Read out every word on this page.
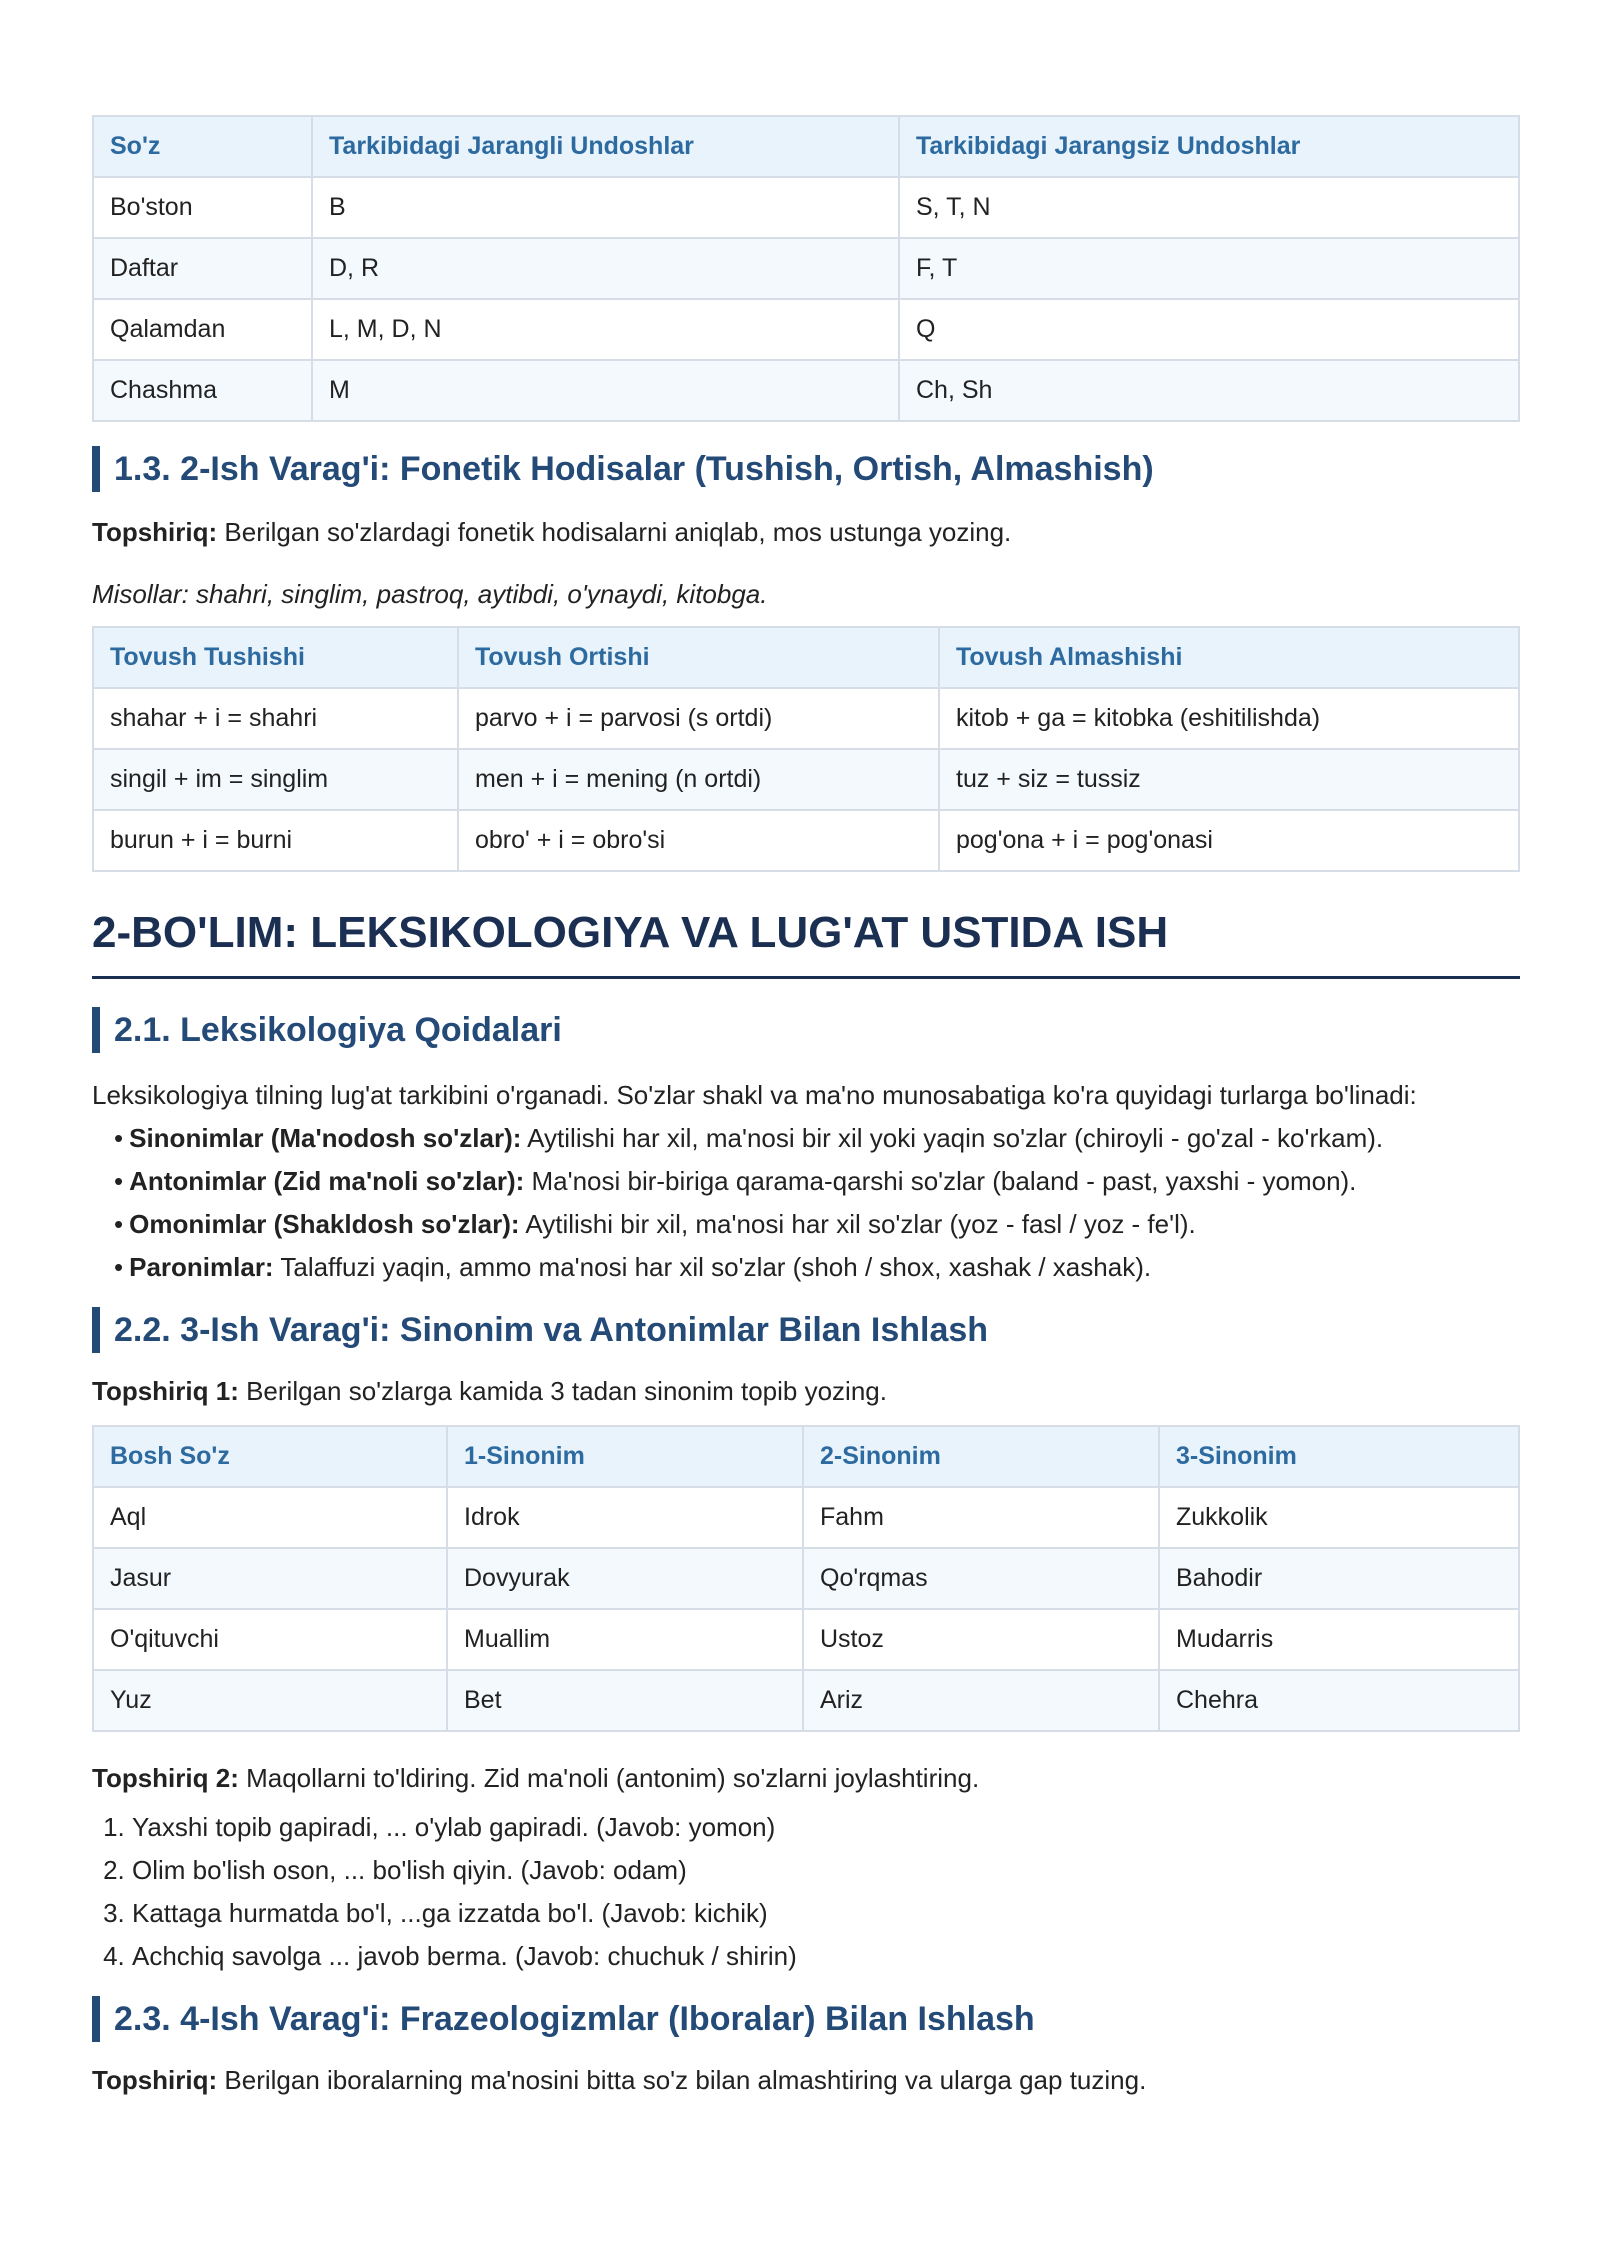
So'z	Tarkibidagi Jarangli Undoshlar	Tarkibidagi Jarangsiz Undoshlar
Bo'ston	B	S, T, N
Daftar	D, R	F, T
Qalamdan	L, M, D, N	Q
Chashma	M	Ch, Sh
1.3. 2-Ish Varag'i: Fonetik Hodisalar (Tushish, Ortish, Almashish)

Topshiriq: Berilgan so'zlardagi fonetik hodisalarni aniqlab, mos ustunga yozing.

Misollar: shahri, singlim, pastroq, aytibdi, o'ynaydi, kitobga.

Tovush Tushishi	Tovush Ortishi	Tovush Almashishi
shahar + i = shahri	parvo + i = parvosi (s ortdi)	kitob + ga = kitobka (eshitilishda)
singil + im = singlim	men + i = mening (n ortdi)	tuz + siz = tussiz
burun + i = burni	obro' + i = obro'si	pog'ona + i = pog'onasi
2-BO'LIM: LEKSIKOLOGIYA VA LUG'AT USTIDA ISH
2.1. Leksikologiya Qoidalari

Leksikologiya tilning lug'at tarkibini o'rganadi. So'zlar shakl va ma'no munosabatiga ko'ra quyidagi turlarga bo'linadi:

• Sinonimlar (Ma'nodosh so'zlar): Aytilishi har xil, ma'nosi bir xil yoki yaqin so'zlar (chiroyli - go'zal - ko'rkam).
• Antonimlar (Zid ma'noli so'zlar): Ma'nosi bir-biriga qarama-qarshi so'zlar (baland - past, yaxshi - yomon).
• Omonimlar (Shakldosh so'zlar): Aytilishi bir xil, ma'nosi har xil so'zlar (yoz - fasl / yoz - fe'l).
• Paronimlar: Talaffuzi yaqin, ammo ma'nosi har xil so'zlar (shoh / shox, xashak / xashak).
2.2. 3-Ish Varag'i: Sinonim va Antonimlar Bilan Ishlash

Topshiriq 1: Berilgan so'zlarga kamida 3 tadan sinonim topib yozing.

Bosh So'z	1-Sinonim	2-Sinonim	3-Sinonim
Aql	Idrok	Fahm	Zukkolik
Jasur	Dovyurak	Qo'rqmas	Bahodir
O'qituvchi	Muallim	Ustoz	Mudarris
Yuz	Bet	Ariz	Chehra

Topshiriq 2: Maqollarni to'ldiring. Zid ma'noli (antonim) so'zlarni joylashtiring.

1. Yaxshi topib gapiradi, ... o'ylab gapiradi. (Javob: yomon)
2. Olim bo'lish oson, ... bo'lish qiyin. (Javob: odam)
3. Kattaga hurmatda bo'l, ...ga izzatda bo'l. (Javob: kichik)
4. Achchiq savolga ... javob berma. (Javob: chuchuk / shirin)
2.3. 4-Ish Varag'i: Frazeologizmlar (Iboralar) Bilan Ishlash

Topshiriq: Berilgan iboralarning ma'nosini bitta so'z bilan almashtiring va ularga gap tuzing.
